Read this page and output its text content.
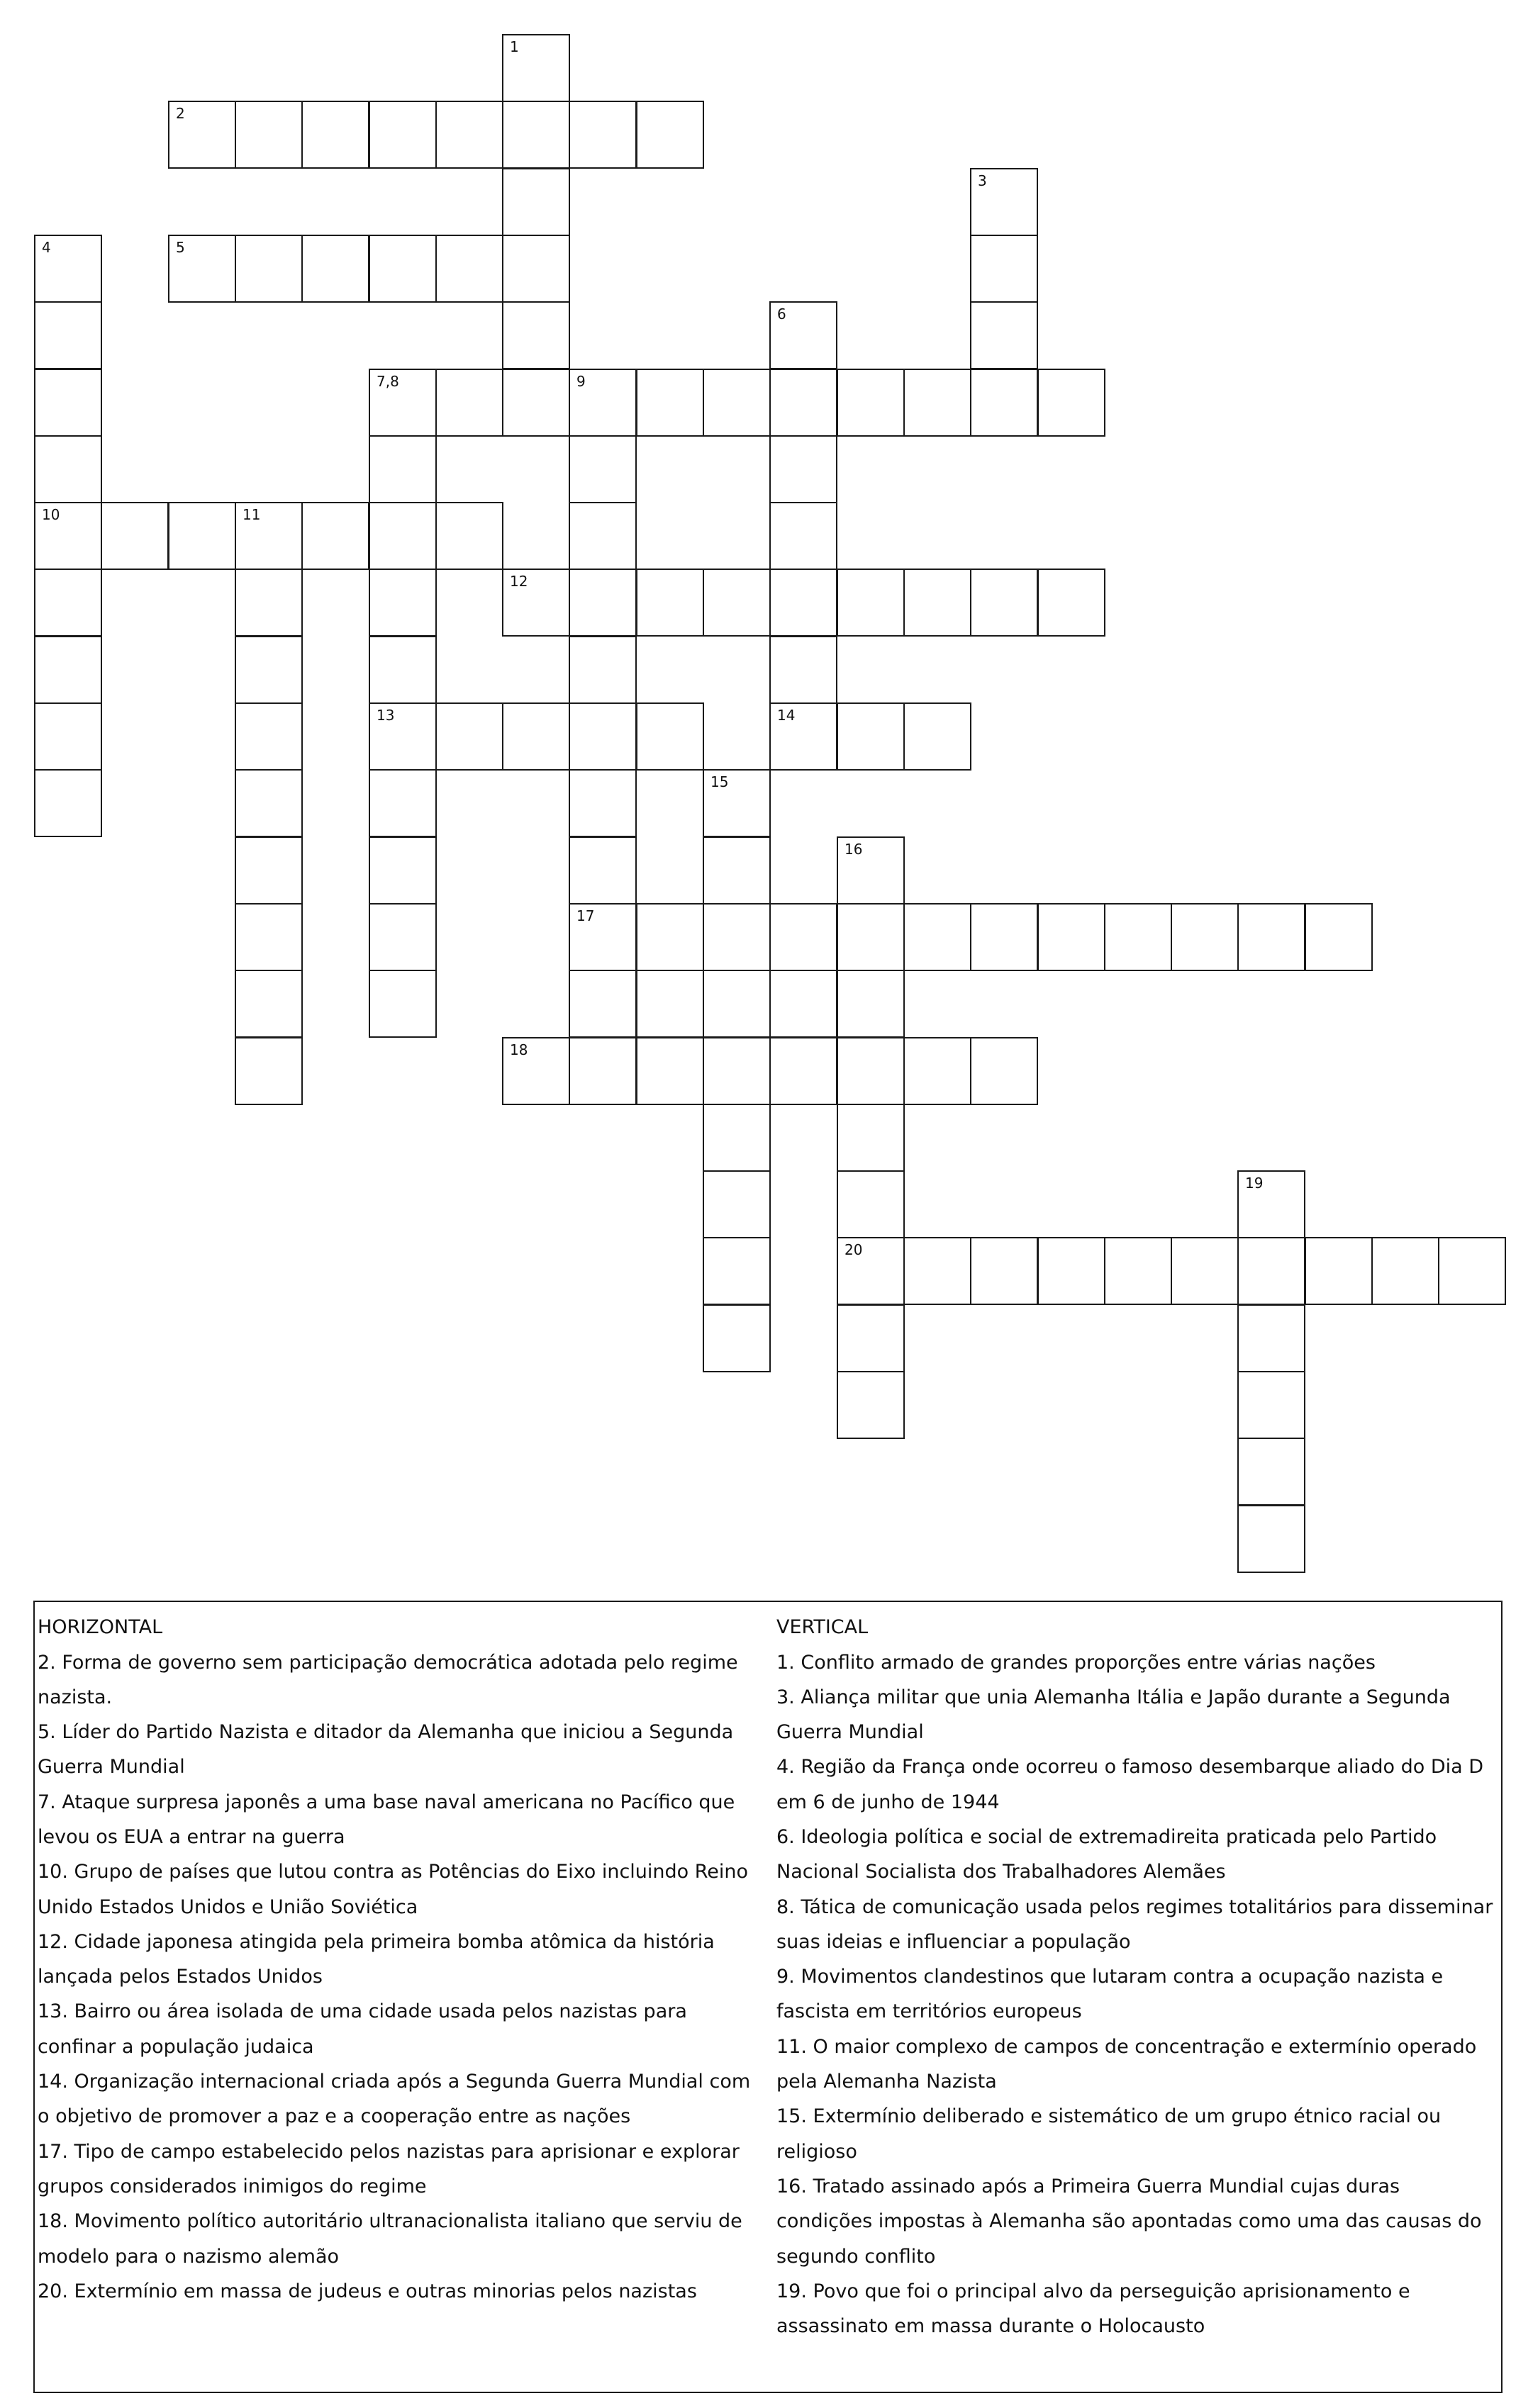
1
2
3
4	5
6
7,8	9
10	11
12
13	14
15
16
17
18
19
20
HORIZONTAL

2. Forma de governo sem participação democrática adotada pelo regime

nazista.

5. Líder do Partido Nazista e ditador da Alemanha que iniciou a Segunda

Guerra Mundial

7. Ataque surpresa japonês a uma base naval americana no Pacífico que

levou os EUA a entrar na guerra

10. Grupo de países que lutou contra as Potências do Eixo incluindo Reino

Unido Estados Unidos e União Soviética

12. Cidade japonesa atingida pela primeira bomba atômica da história

lançada pelos Estados Unidos

13. Bairro ou área isolada de uma cidade usada pelos nazistas para

confinar a população judaica

14. Organização internacional criada após a Segunda Guerra Mundial com

o objetivo de promover a paz e a cooperação entre as nações

17. Tipo de campo estabelecido pelos nazistas para aprisionar e explorar

grupos considerados inimigos do regime

18. Movimento político autoritário ultranacionalista italiano que serviu de

modelo para o nazismo alemão

20. Extermínio em massa de judeus e outras minorias pelos nazistas

VERTICAL

1. Conflito armado de grandes proporções entre várias nações

3. Aliança militar que unia Alemanha Itália e Japão durante a Segunda

Guerra Mundial

4. Região da França onde ocorreu o famoso desembarque aliado do Dia D

em 6 de junho de 1944

6. Ideologia política e social de extremadireita praticada pelo Partido

Nacional Socialista dos Trabalhadores Alemães

8. Tática de comunicação usada pelos regimes totalitários para disseminar

suas ideias e influenciar a população

9. Movimentos clandestinos que lutaram contra a ocupação nazista e

fascista em territórios europeus

11. O maior complexo de campos de concentração e extermínio operado

pela Alemanha Nazista

15. Extermínio deliberado e sistemático de um grupo étnico racial ou

religioso

16. Tratado assinado após a Primeira Guerra Mundial cujas duras

condições impostas à Alemanha são apontadas como uma das causas do

segundo conflito

19. Povo que foi o principal alvo da perseguição aprisionamento e

assassinato em massa durante o Holocausto
